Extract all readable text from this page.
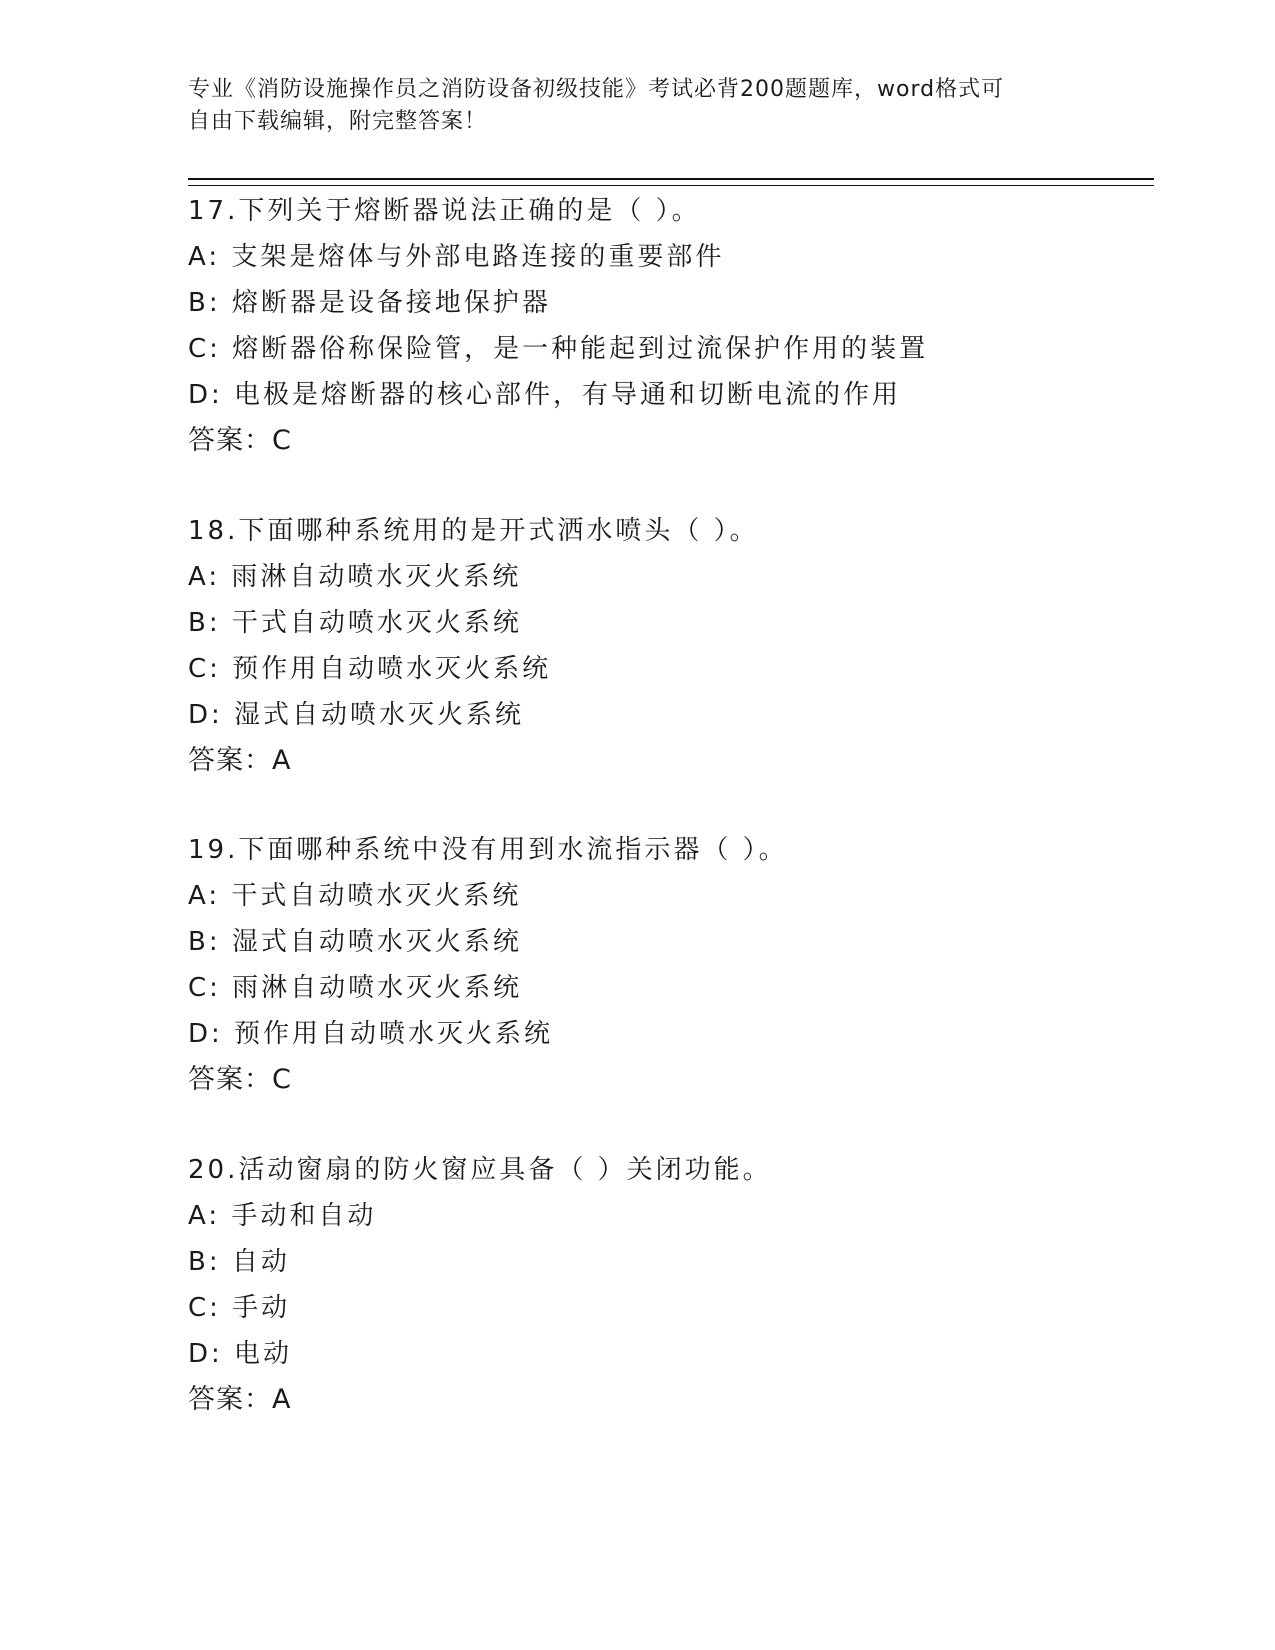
专业《消防设施操作员之消防设备初级技能》考试必背200题题库，word格式可
自由下载编辑，附完整答案！
17.下列关于熔断器说法正确的是（ ）。
A: 支架是熔体与外部电路连接的重要部件
B: 熔断器是设备接地保护器
C: 熔断器俗称保险管，是一种能起到过流保护作用的装置
D: 电极是熔断器的核心部件，有导通和切断电流的作用
答案：C
18.下面哪种系统用的是开式洒水喷头（ ）。
A: 雨淋自动喷水灭火系统
B: 干式自动喷水灭火系统
C: 预作用自动喷水灭火系统
D: 湿式自动喷水灭火系统
答案：A
19.下面哪种系统中没有用到水流指示器（ ）。
A: 干式自动喷水灭火系统
B: 湿式自动喷水灭火系统
C: 雨淋自动喷水灭火系统
D: 预作用自动喷水灭火系统
答案：C
20.活动窗扇的防火窗应具备（ ）关闭功能。
A: 手动和自动
B: 自动
C: 手动
D: 电动
答案：A
